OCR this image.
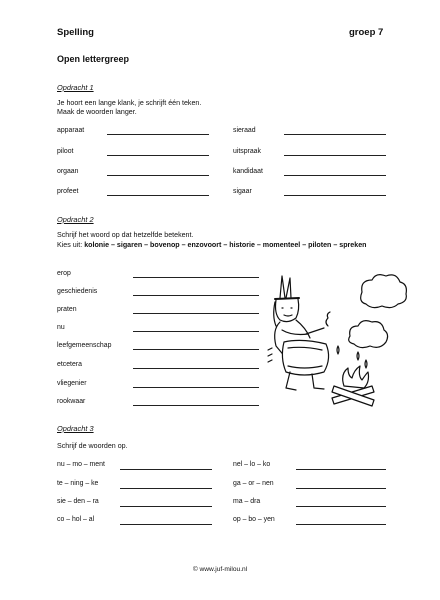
Spelling	groep 7
Open lettergreep
Opdracht 1
Je hoort een lange klank, je schrijft één teken.
Maak de woorden langer.
apparaat
piloot
orgaan
profeet
sieraad
uitspraak
kandidaat
sigaar
Opdracht 2
Schrijf het woord op dat hetzelfde betekent.
Kies uit: kolonie – sigaren – bovenop – enzovoort – historie – momenteel – piloten – spreken
erop
geschiedenis
praten
nu
leefgemeenschap
etcetera
vliegenier
rookwaar
Opdracht 3
Schrijf de woorden op.
nu – mo – ment
te – ning – ke
sie – den – ra
co – hol – al
nel – lo – ko
ga – or – nen
ma – dra
op – bo – yen
© www.juf-milou.nl
